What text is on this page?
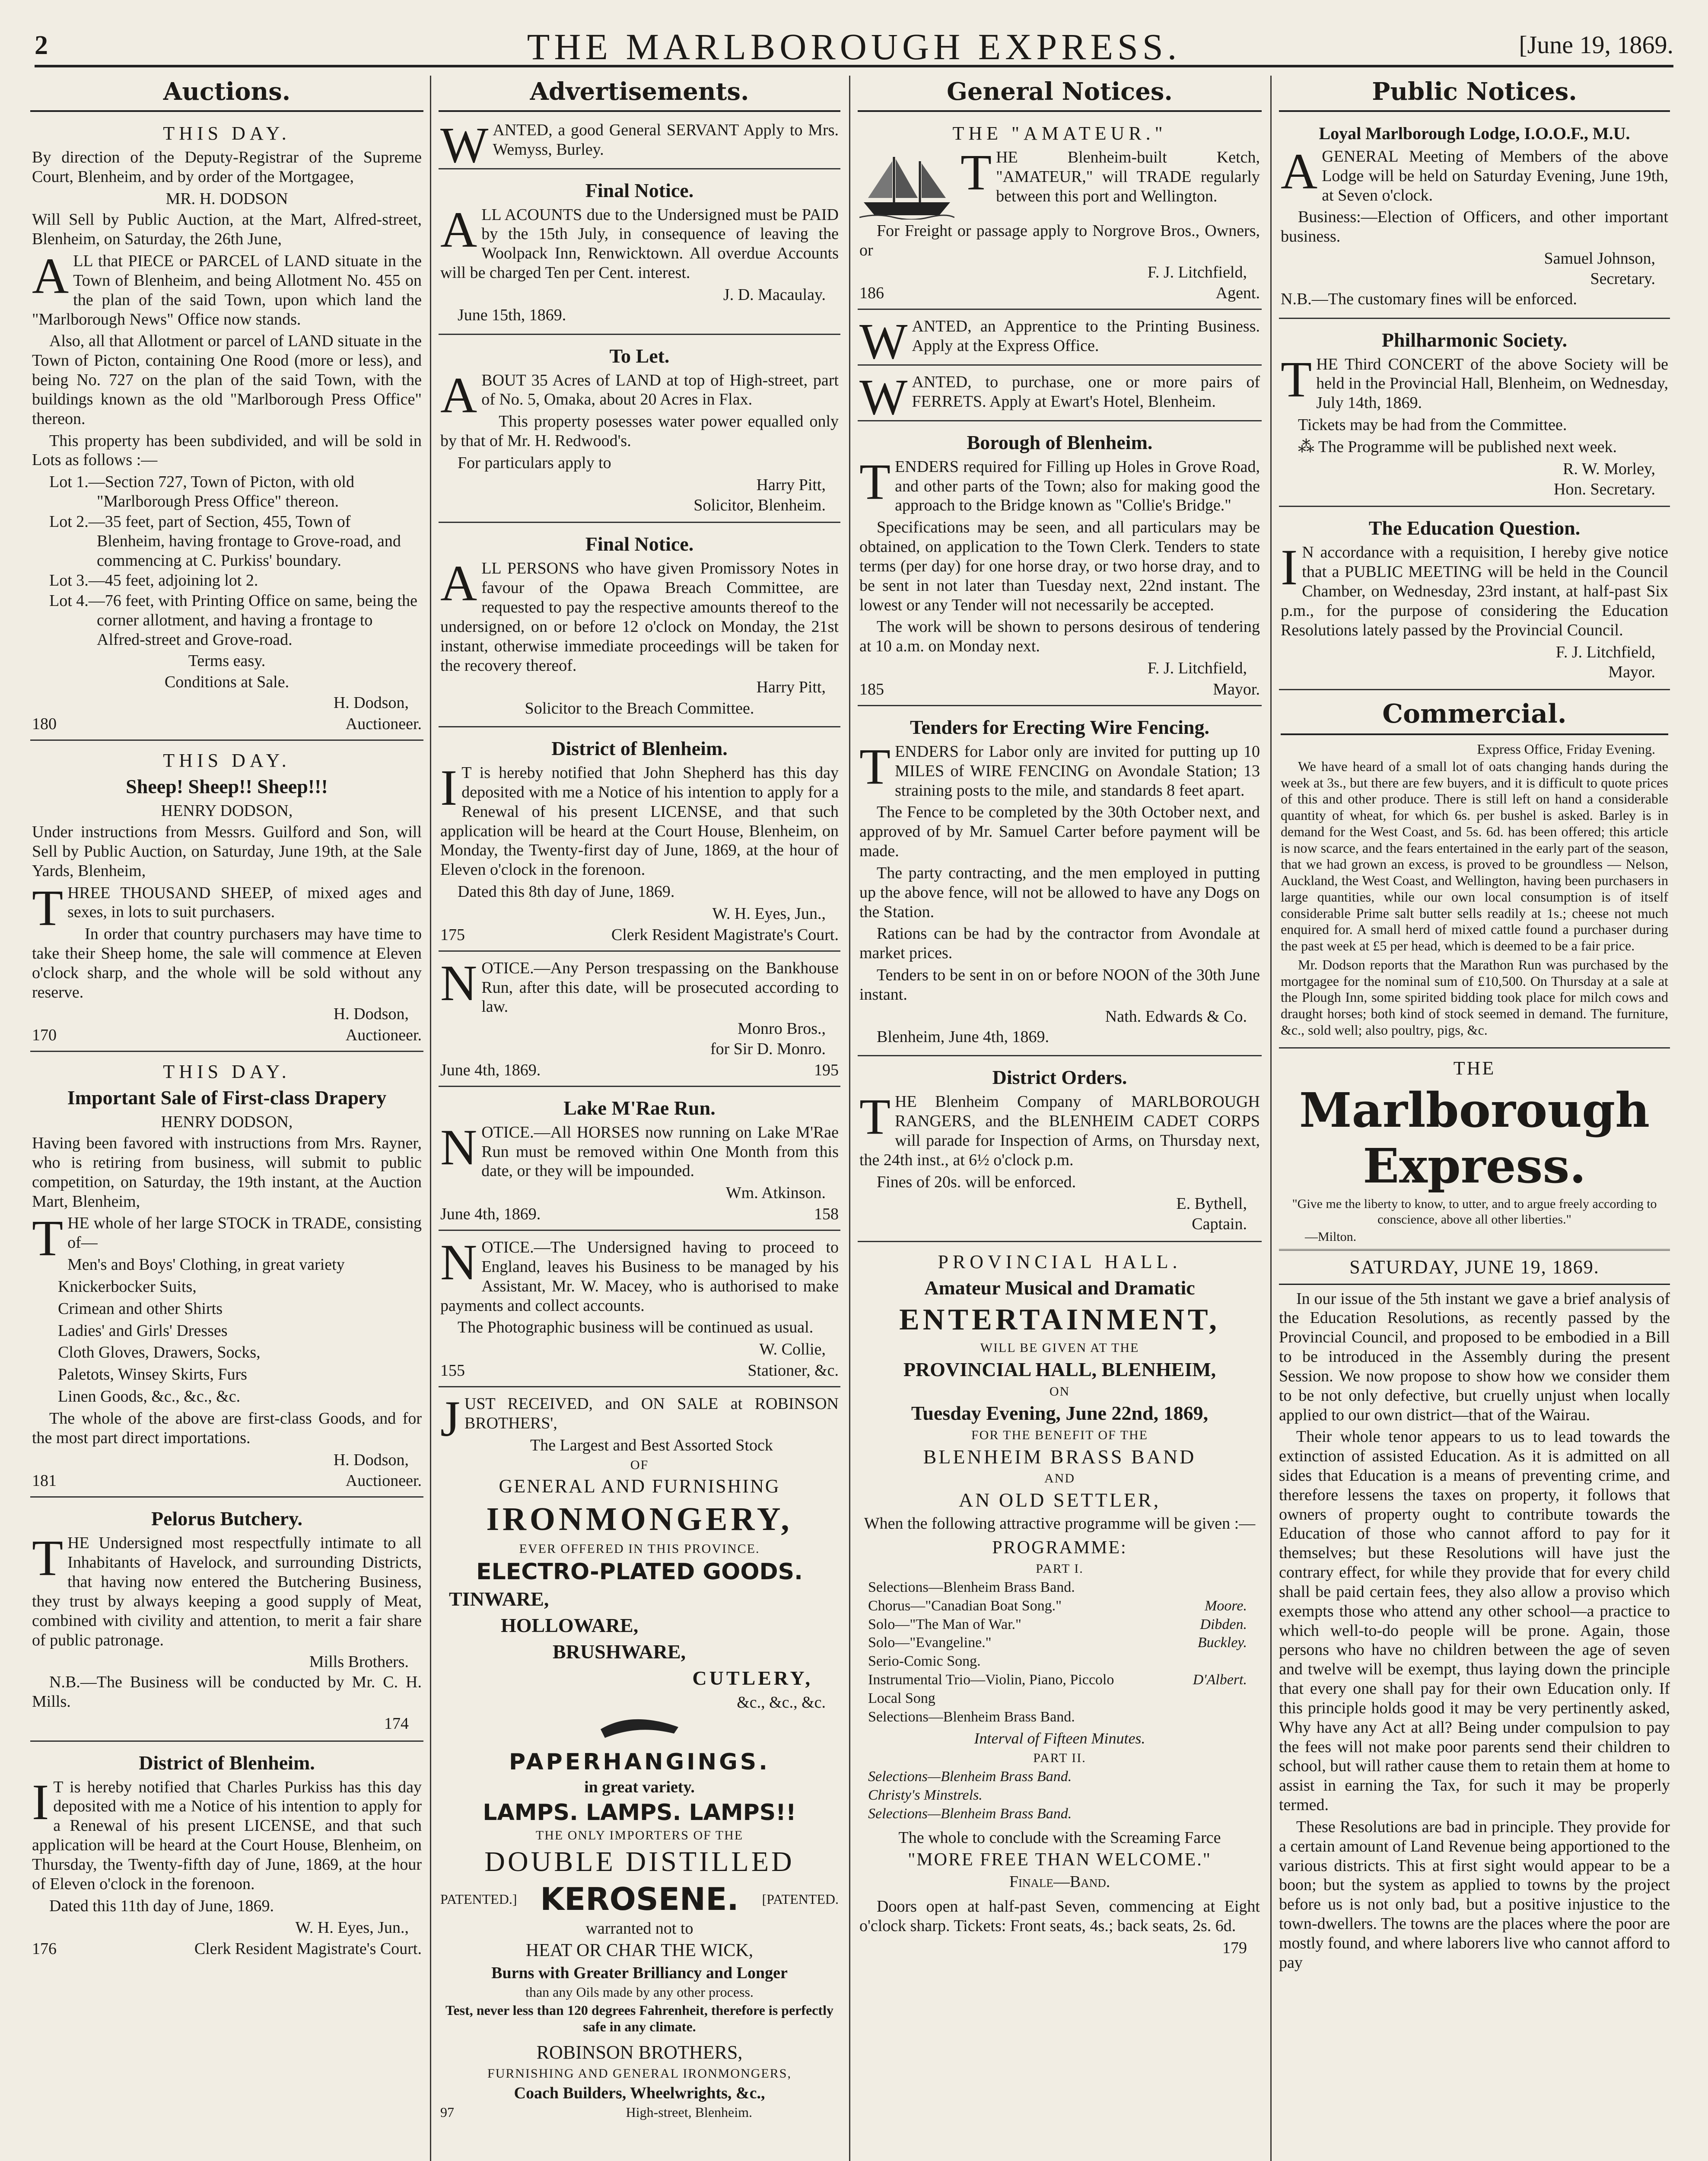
2	THE MARLBOROUGH EXPRESS.	[June 19, 1869.
Auctions.
THIS DAY.

By direction of the Deputy-Registrar of the Supreme Court, Blenheim, and by order of the Mortgagee,

MR. H. DODSON

Will Sell by Public Auction, at the Mart, Alfred-street, Blenheim, on Saturday, the 26th June,

ALL that PIECE or PARCEL of LAND situate in the Town of Blenheim, and being Allotment No. 455 on the plan of the said Town, upon which land the "Marlborough News" Office now stands.

Also, all that Allotment or parcel of LAND situate in the Town of Picton, containing One Rood (more or less), and being No. 727 on the plan of the said Town, with the buildings known as the old "Marlborough Press Office" thereon.

This property has been subdivided, and will be sold in Lots as follows :—

Lot 1.—Section 727, Town of Picton, with old "Marlborough Press Office" thereon.
Lot 2.—35 feet, part of Section, 455, Town of Blenheim, having frontage to Grove-road, and commencing at C. Purkiss' boundary.
Lot 3.—45 feet, adjoining lot 2.
Lot 4.—76 feet, with Printing Office on same, being the corner allotment, and having a frontage to Alfred-street and Grove-road.
Terms easy.
Conditions at Sale.
H. Dodson,
180	Auctioneer.
THIS DAY.
Sheep! Sheep!! Sheep!!!
HENRY DODSON,

Under instructions from Messrs. Guilford and Son, will Sell by Public Auction, on Saturday, June 19th, at the Sale Yards, Blenheim,

THREE THOUSAND SHEEP, of mixed ages and sexes, in lots to suit purchasers.

In order that country purchasers may have time to take their Sheep home, the sale will commence at Eleven o'clock sharp, and the whole will be sold without any reserve.

H. Dodson,
170	Auctioneer.
THIS DAY.
Important Sale of First-class Drapery
HENRY DODSON,

Having been favored with instructions from Mrs. Rayner, who is retiring from business, will submit to public competition, on Saturday, the 19th instant, at the Auction Mart, Blenheim,

THE whole of her large STOCK in TRADE, consisting of—

Men's and Boys' Clothing, in great variety
Knickerbocker Suits,
Crimean and other Shirts
Ladies' and Girls' Dresses
Cloth Gloves, Drawers, Socks,
Paletots, Winsey Skirts, Furs
Linen Goods, &c., &c., &c.

The whole of the above are first-class Goods, and for the most part direct importations.

H. Dodson,
181	Auctioneer.
Pelorus Butchery.

THE Undersigned most respectfully intimate to all Inhabitants of Havelock, and surrounding Districts, that having now entered the Butchering Business, they trust by always keeping a good supply of Meat, combined with civility and attention, to merit a fair share of public patronage.

Mills Brothers.

N.B.—The Business will be conducted by Mr. C. H. Mills.

174
District of Blenheim.

IT is hereby notified that Charles Purkiss has this day deposited with me a Notice of his intention to apply for a Renewal of his present LICENSE, and that such application will be heard at the Court House, Blenheim, on Thursday, the Twenty-fifth day of June, 1869, at the hour of Eleven o'clock in the forenoon.

Dated this 11th day of June, 1869.

W. H. Eyes, Jun.,
176	Clerk Resident Magistrate's Court.
Advertisements.

WANTED, a good General SERVANT Apply to Mrs. Wemyss, Burley.

Final Notice.

ALL ACOUNTS due to the Undersigned must be PAID by the 15th July, in consequence of leaving the Woolpack Inn, Renwicktown. All overdue Accounts will be charged Ten per Cent. interest.

J. D. Macaulay.

June 15th, 1869.

To Let.

ABOUT 35 Acres of LAND at top of High-street, part of No. 5, Omaka, about 20 Acres in Flax.

This property posesses water power equalled only by that of Mr. H. Redwood's.

For particulars apply to

Harry Pitt,
Solicitor, Blenheim.
Final Notice.

ALL PERSONS who have given Promissory Notes in favour of the Opawa Breach Committee, are requested to pay the respective amounts thereof to the undersigned, on or before 12 o'clock on Monday, the 21st instant, otherwise immediate proceedings will be taken for the recovery thereof.

Harry Pitt,
Solicitor to the Breach Committee.
District of Blenheim.

IT is hereby notified that John Shepherd has this day deposited with me a Notice of his intention to apply for a Renewal of his present LICENSE, and that such application will be heard at the Court House, Blenheim, on Monday, the Twenty-first day of June, 1869, at the hour of Eleven o'clock in the forenoon.

Dated this 8th day of June, 1869.

W. H. Eyes, Jun.,
175	Clerk Resident Magistrate's Court.

NOTICE.—Any Person trespassing on the Bankhouse Run, after this date, will be prosecuted according to law.

Monro Bros.,
for Sir D. Monro.
June 4th, 1869.	195
Lake M'Rae Run.

NOTICE.—All HORSES now running on Lake M'Rae Run must be removed within One Month from this date, or they will be impounded.

Wm. Atkinson.
June 4th, 1869.	158

NOTICE.—The Undersigned having to proceed to England, leaves his Business to be managed by his Assistant, Mr. W. Macey, who is authorised to make payments and collect accounts.

The Photographic business will be continued as usual.

W. Collie,
155	Stationer, &c.

JUST RECEIVED, and ON SALE at ROBINSON BROTHERS',

The Largest and Best Assorted Stock
OF
GENERAL AND FURNISHING
IRONMONGERY,
EVER OFFERED IN THIS PROVINCE.
ELECTRO-PLATED GOODS.
TINWARE,
HOLLOWARE,
BRUSHWARE,
CUTLERY,
&c., &c., &c.
PAPERHANGINGS.
in great variety.
LAMPS. LAMPS. LAMPS!!
THE ONLY IMPORTERS OF THE
DOUBLE DISTILLED
PATENTED.] KEROSENE. [PATENTED.
warranted not to
HEAT OR CHAR THE WICK,
Burns with Greater Brilliancy and Longer
than any Oils made by any other process.
Test, never less than 120 degrees Fahrenheit, therefore is perfectly safe in any climate.
ROBINSON BROTHERS,
FURNISHING AND GENERAL IRONMONGERS,
Coach Builders, Wheelwrights, &c.,
97	High-street, Blenheim.
General Notices.
THE "AMATEUR."

THE Blenheim-built Ketch, "AMATEUR," will TRADE regularly between this port and Wellington.

For Freight or passage apply to Norgrove Bros., Owners, or

F. J. Litchfield,
186	Agent.

WANTED, an Apprentice to the Printing Business. Apply at the Express Office.

WANTED, to purchase, one or more pairs of FERRETS. Apply at Ewart's Hotel, Blenheim.

Borough of Blenheim.

TENDERS required for Filling up Holes in Grove Road, and other parts of the Town; also for making good the approach to the Bridge known as "Collie's Bridge."

Specifications may be seen, and all particulars may be obtained, on application to the Town Clerk. Tenders to state terms (per day) for one horse dray, or two horse dray, and to be sent in not later than Tuesday next, 22nd instant. The lowest or any Tender will not necessarily be accepted.

The work will be shown to persons desirous of tendering at 10 a.m. on Monday next.

F. J. Litchfield,
185	Mayor.
Tenders for Erecting Wire Fencing.

TENDERS for Labor only are invited for putting up 10 MILES of WIRE FENCING on Avondale Station; 13 straining posts to the mile, and standards 8 feet apart.

The Fence to be completed by the 30th October next, and approved of by Mr. Samuel Carter before payment will be made.

The party contracting, and the men employed in putting up the above fence, will not be allowed to have any Dogs on the Station.

Rations can be had by the contractor from Avondale at market prices.

Tenders to be sent in on or before NOON of the 30th June instant.

Nath. Edwards & Co.

Blenheim, June 4th, 1869.

District Orders.

THE Blenheim Company of MARLBOROUGH RANGERS, and the BLENHEIM CADET CORPS will parade for Inspection of Arms, on Thursday next, the 24th inst., at 6½ o'clock p.m.

Fines of 20s. will be enforced.

E. Bythell,
Captain.
PROVINCIAL HALL.
Amateur Musical and Dramatic
ENTERTAINMENT,
WILL BE GIVEN AT THE
PROVINCIAL HALL, BLENHEIM,
ON
Tuesday Evening, June 22nd, 1869,
FOR THE BENEFIT OF THE
BLENHEIM BRASS BAND
AND
AN OLD SETTLER,
When the following attractive programme will be given :—
PROGRAMME:
PART I.
Selections—Blenheim Brass Band.
Chorus—"Canadian Boat Song."	Moore.
Solo—"The Man of War."	Dibden.
Solo—"Evangeline."	Buckley.
Serio-Comic Song.
Instrumental Trio—Violin, Piano, Piccolo	D'Albert.
Local Song
Selections—Blenheim Brass Band.
Interval of Fifteen Minutes.
PART II.
Selections—Blenheim Brass Band.
Christy's Minstrels.
Selections—Blenheim Brass Band.
The whole to conclude with the Screaming Farce
"MORE FREE THAN WELCOME."
Finale—Band.

Doors open at half-past Seven, commencing at Eight o'clock sharp. Tickets: Front seats, 4s.; back seats, 2s. 6d.

179
Public Notices.
Loyal Marlborough Lodge, I.O.O.F., M.U.

AGENERAL Meeting of Members of the above Lodge will be held on Saturday Evening, June 19th, at Seven o'clock.

Business:—Election of Officers, and other important business.

Samuel Johnson,
Secretary.

N.B.—The customary fines will be enforced.

Philharmonic Society.

THE Third CONCERT of the above Society will be held in the Provincial Hall, Blenheim, on Wednesday, July 14th, 1869.

Tickets may be had from the Committee.

⁂ The Programme will be published next week.

R. W. Morley,
Hon. Secretary.
The Education Question.

IN accordance with a requisition, I hereby give notice that a PUBLIC MEETING will be held in the Council Chamber, on Wednesday, 23rd instant, at half-past Six p.m., for the purpose of considering the Education Resolutions lately passed by the Provincial Council.

F. J. Litchfield,
Mayor.
Commercial.
Express Office, Friday Evening.

We have heard of a small lot of oats changing hands during the week at 3s., but there are few buyers, and it is difficult to quote prices of this and other produce. There is still left on hand a considerable quantity of wheat, for which 6s. per bushel is asked. Barley is in demand for the West Coast, and 5s. 6d. has been offered; this article is now scarce, and the fears entertained in the early part of the season, that we had grown an excess, is proved to be groundless — Nelson, Auckland, the West Coast, and Wellington, having been purchasers in large quantities, while our own local consumption is of itself considerable Prime salt butter sells readily at 1s.; cheese not much enquired for. A small herd of mixed cattle found a purchaser during the past week at £5 per head, which is deemed to be a fair price.

Mr. Dodson reports that the Marathon Run was purchased by the mortgagee for the nominal sum of £10,500. On Thursday at a sale at the Plough Inn, some spirited bidding took place for milch cows and draught horses; both kind of stock seemed in demand. The furniture, &c., sold well; also poultry, pigs, &c.

THE
Marlborough Express.
"Give me the liberty to know, to utter, and to argue freely according to conscience, above all other liberties."
—Milton.
SATURDAY, JUNE 19, 1869.

In our issue of the 5th instant we gave a brief analysis of the Education Resolutions, as recently passed by the Provincial Council, and proposed to be embodied in a Bill to be introduced in the Assembly during the present Session. We now propose to show how we consider them to be not only defective, but cruelly unjust when locally applied to our own district—that of the Wairau.

Their whole tenor appears to us to lead towards the extinction of assisted Education. As it is admitted on all sides that Education is a means of preventing crime, and therefore lessens the taxes on property, it follows that owners of property ought to contribute towards the Education of those who cannot afford to pay for it themselves; but these Resolutions will have just the contrary effect, for while they provide that for every child shall be paid certain fees, they also allow a proviso which exempts those who attend any other school—a practice to which well-to-do people will be prone. Again, those persons who have no children between the age of seven and twelve will be exempt, thus laying down the principle that every one shall pay for their own Education only. If this principle holds good it may be very pertinently asked, Why have any Act at all? Being under compulsion to pay the fees will not make poor parents send their children to school, but will rather cause them to retain them at home to assist in earning the Tax, for such it may be properly termed.

These Resolutions are bad in principle. They provide for a certain amount of Land Revenue being apportioned to the various districts. This at first sight would appear to be a boon; but the system as applied to towns by the project before us is not only bad, but a positive injustice to the town-dwellers. The towns are the places where the poor are mostly found, and where laborers live who cannot afford to pay
